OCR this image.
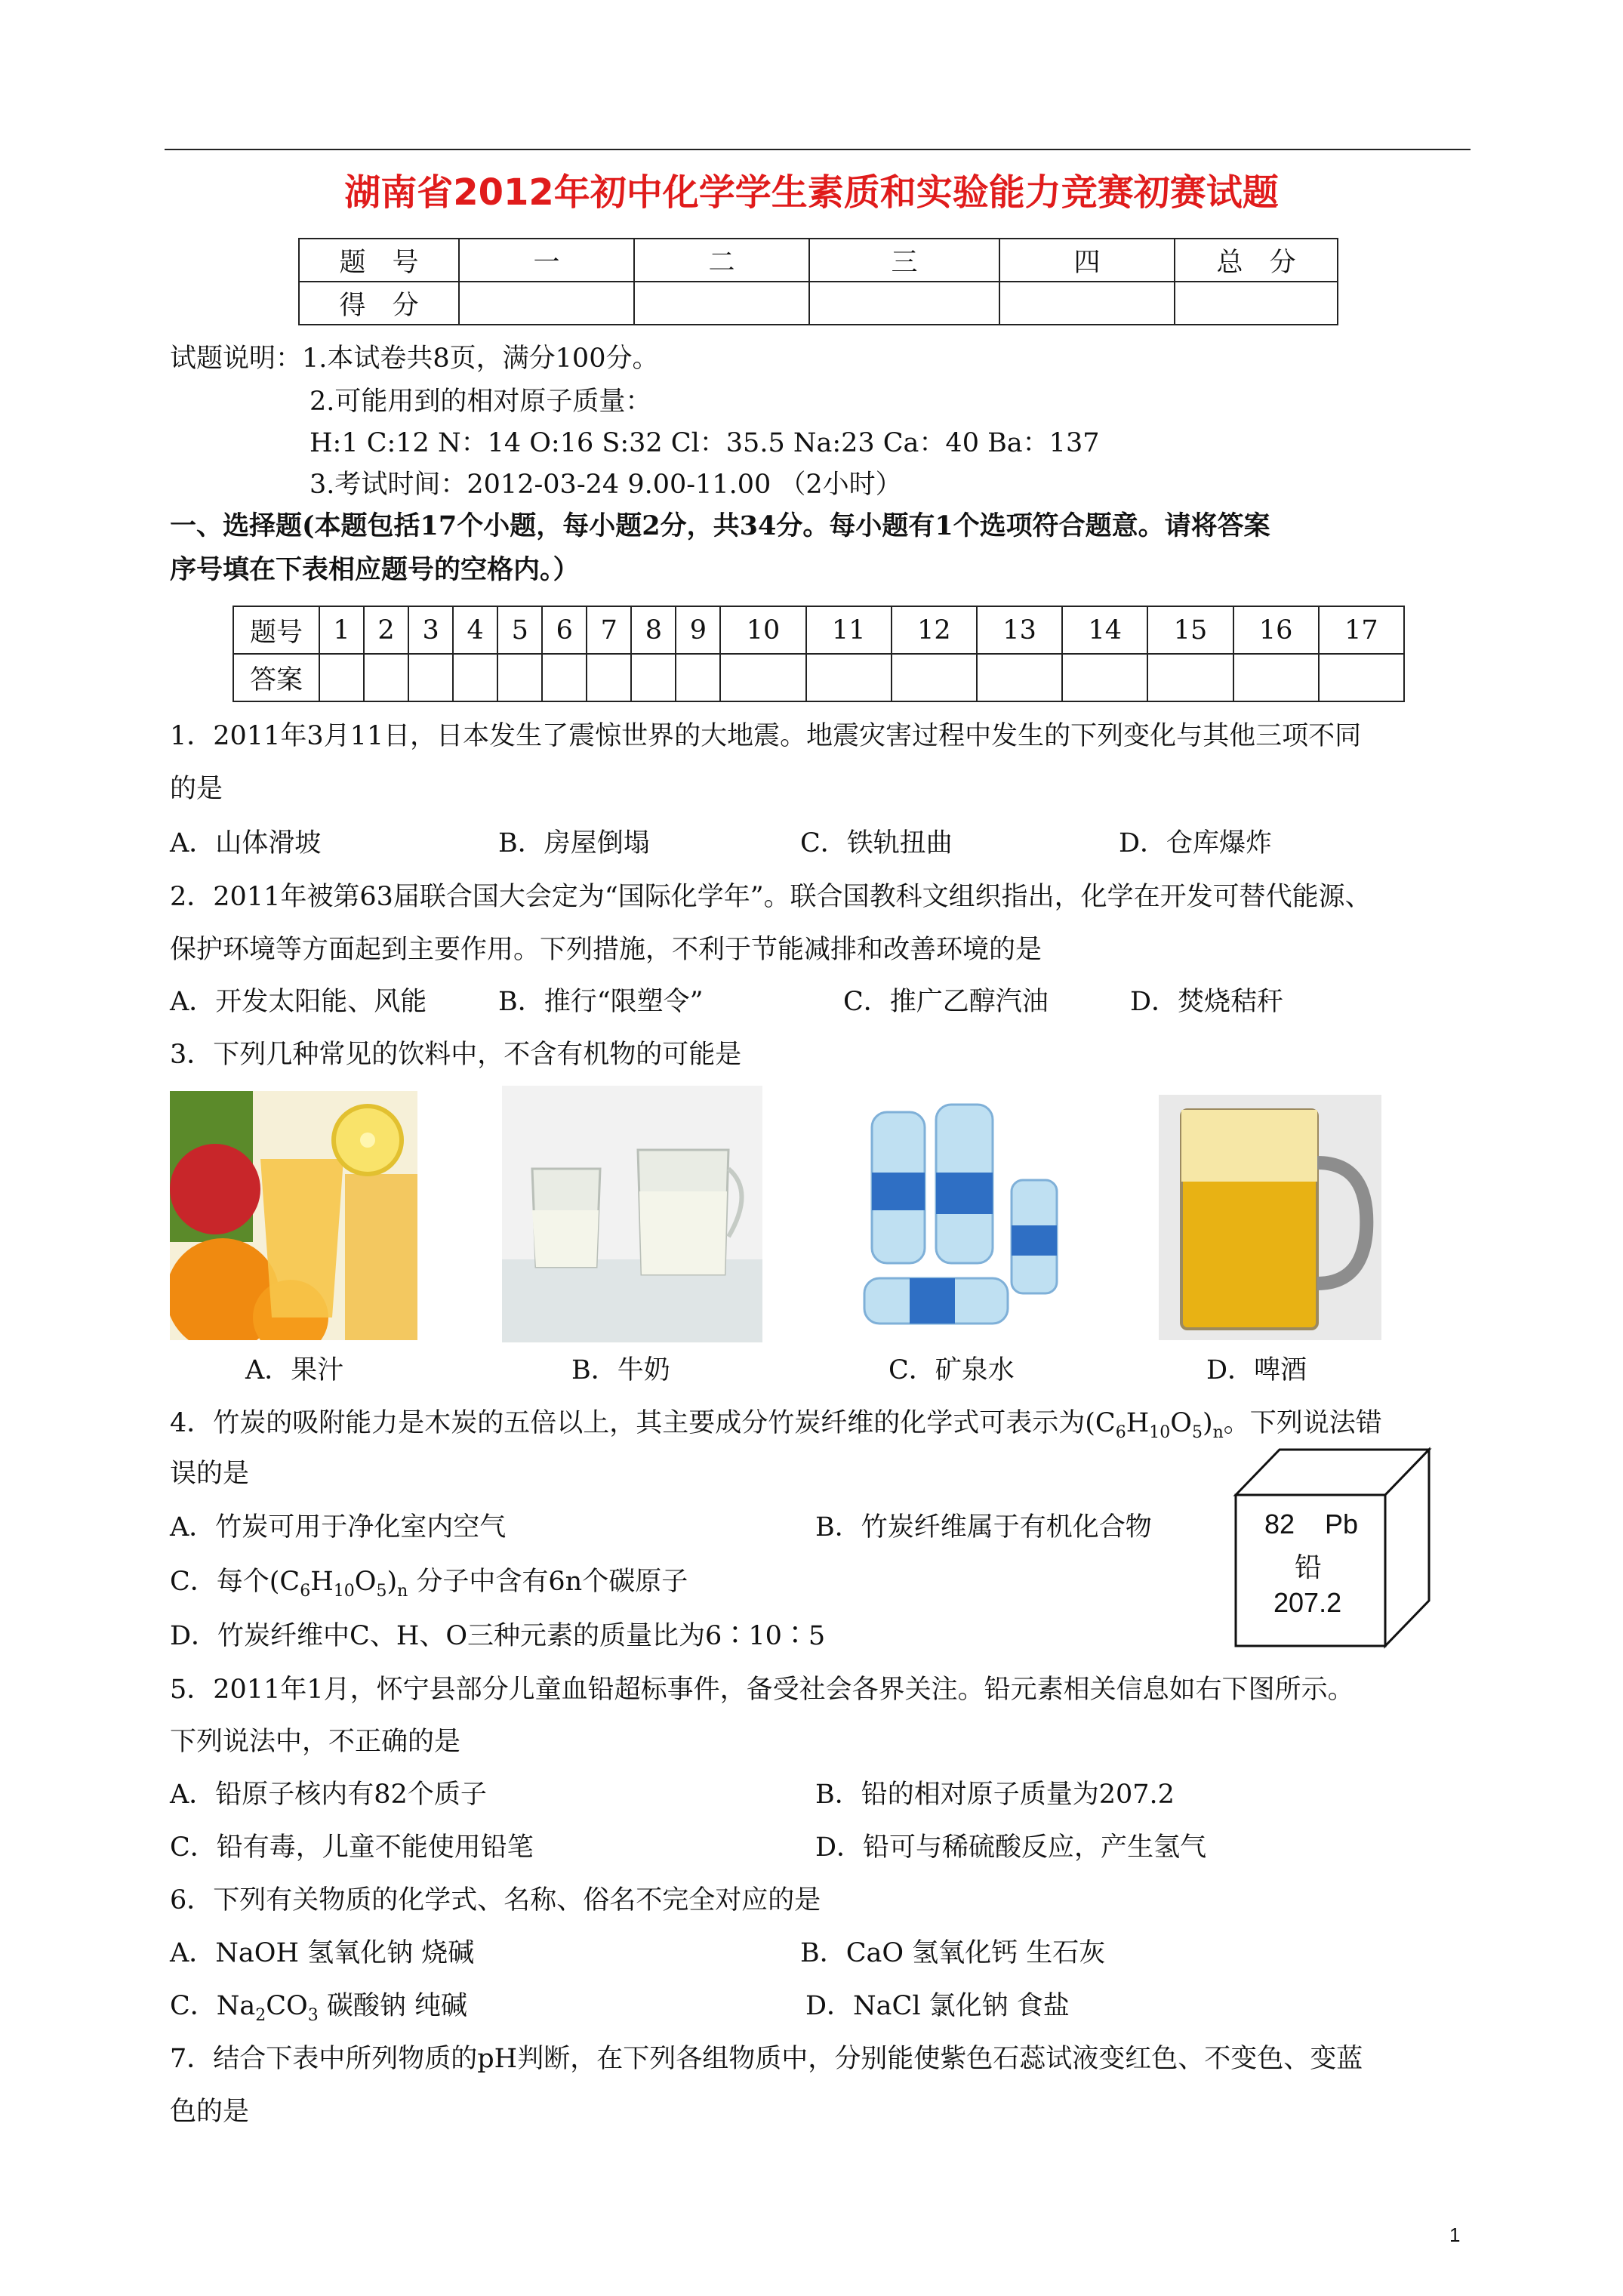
湖南省2012年初中化学学生素质和实验能力竞赛初赛试题
题　号	一	二	三	四	总　分
得　分					
试题说明：1.本试卷共8页，满分100分。
2.可能用到的相对原子质量：
H:1 C:12 N：14 O:16 S:32 Cl：35.5 Na:23 Ca：40 Ba：137
3.考试时间：2012-03-24 9.00-11.00 （2小时）
一、选择题(本题包括17个小题，每小题2分，共34分。每小题有1个选项符合题意。请将答案
序号填在下表相应题号的空格内。）
题号	1	2	3	4	5	6	7	8	9	10	11	12	13	14	15	16	17
答案																	
1．2011年3月11日，日本发生了震惊世界的大地震。地震灾害过程中发生的下列变化与其他三项不同
的是
A．山体滑坡	B．房屋倒塌	C．铁轨扭曲	D．仓库爆炸
2．2011年被第63届联合国大会定为“国际化学年”。联合国教科文组织指出，化学在开发可替代能源、
保护环境等方面起到主要作用。下列措施，不利于节能减排和改善环境的是
A．开发太阳能、风能	B．推行“限塑令”	C．推广乙醇汽油	D．焚烧秸秆
3．下列几种常见的饮料中，不含有机物的可能是
A．果汁	B．牛奶	C．矿泉水	D．啤酒
4．竹炭的吸附能力是木炭的五倍以上，其主要成分竹炭纤维的化学式可表示为$(C_6H_{10}O_5)_n$。下列说法错
误的是
A．竹炭可用于净化室内空气	B．竹炭纤维属于有机化合物
C．每个$(C_6H_{10}O_5)_n$ 分子中含有6n个碳原子
D．竹炭纤维中C、H、O三种元素的质量比为6∶10∶5
82 Pb
铅
207.2
5．2011年1月，怀宁县部分儿童血铅超标事件，备受社会各界关注。铅元素相关信息如右下图所示。
下列说法中，不正确的是
A．铅原子核内有82个质子	B．铅的相对原子质量为207.2
C．铅有毒，儿童不能使用铅笔	D．铅可与稀硫酸反应，产生氢气
6．下列有关物质的化学式、名称、俗名不完全对应的是
A．NaOH 氢氧化钠 烧碱	B．CaO 氢氧化钙 生石灰
C．$Na_2CO_3$ 碳酸钠 纯碱	D．NaCl 氯化钠 食盐
7．结合下表中所列物质的pH判断，在下列各组物质中，分别能使紫色石蕊试液变红色、不变色、变蓝
色的是
1
